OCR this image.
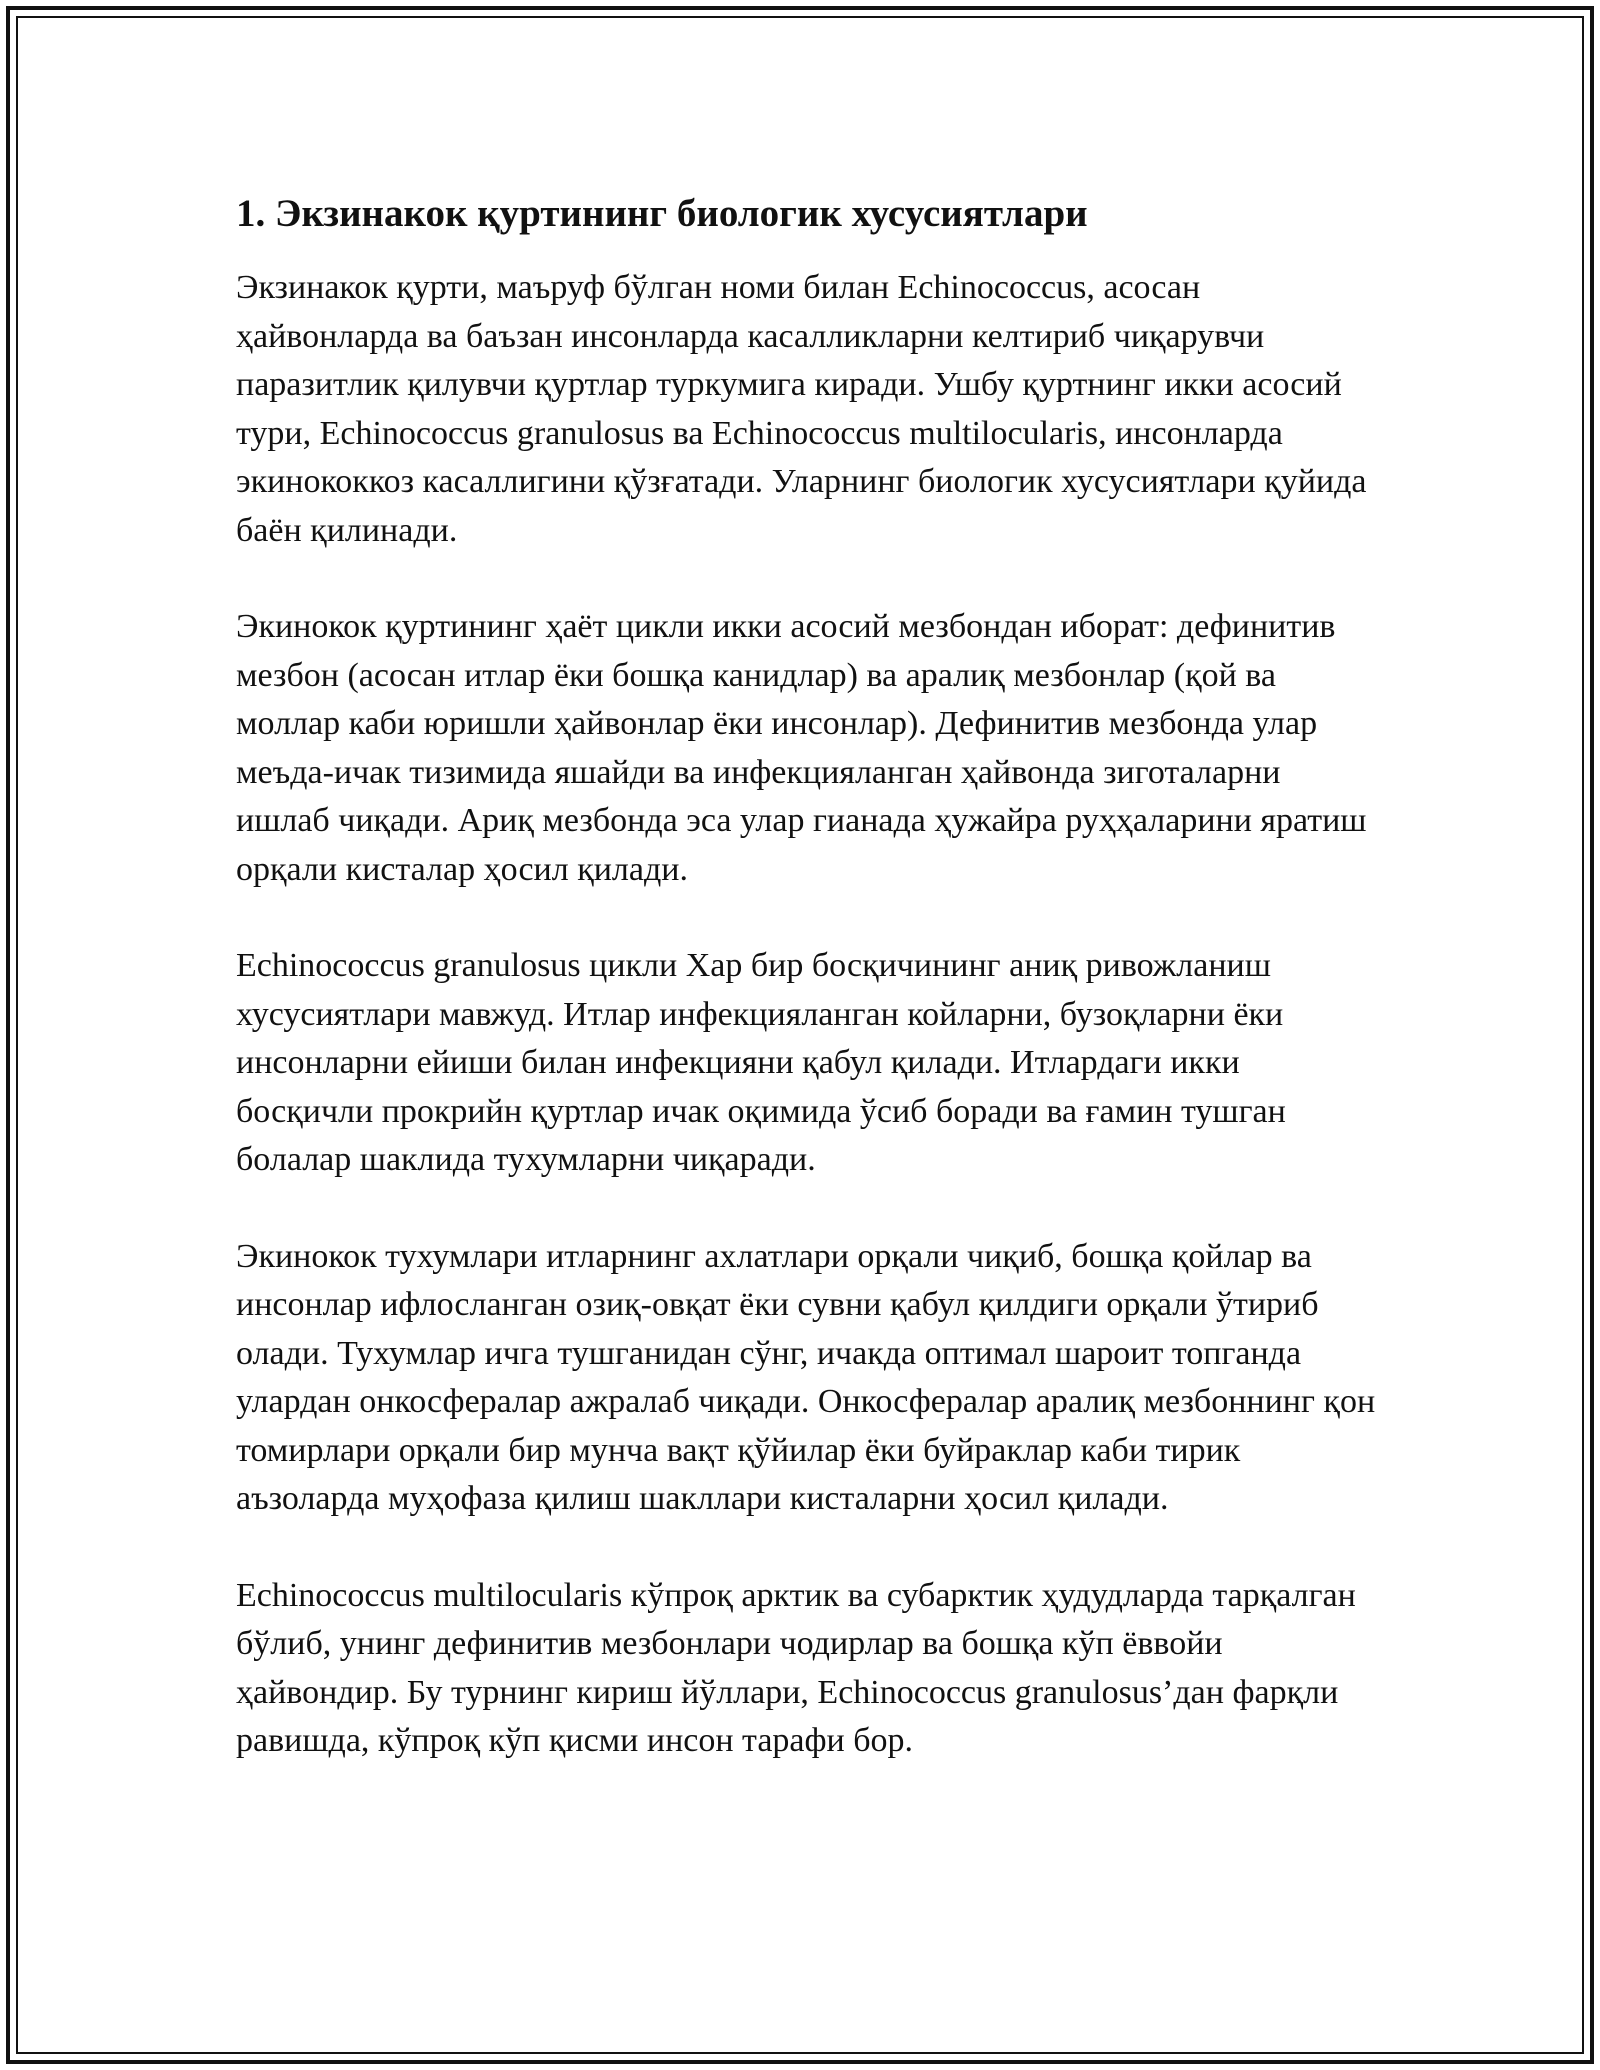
1. Экзинакок қуртининг биологик хусусиятлари

Экзинакок қурти, маъруф бўлган номи билан Echinococcus, асосан ҳайвонларда ва баъзан инсонларда касалликларни келтириб чиқарувчи паразитлик қилувчи қуртлар туркумига киради. Ушбу қуртнинг икки асосий тури, Echinococcus granulosus ва Echinococcus multilocularis, инсонларда экинококкоз касаллигини қўзғатади. Уларнинг биологик хусусиятлари қуйида баён қилинади.

Экинокок қуртининг ҳаёт цикли икки асосий мезбондан иборат: дефинитив мезбон (асосан итлар ёки бошқа канидлар) ва аралиқ мезбонлар (қой ва моллар каби юришли ҳайвонлар ёки инсонлар). Дефинитив мезбонда улар меъда-ичак тизимида яшайди ва инфекцияланган ҳайвонда зиготаларни ишлаб чиқади. Ариқ мезбонда эса улар гианада ҳужайра руҳҳаларини яратиш орқали кисталар ҳосил қилади.

Echinococcus granulosus цикли Хар бир босқичининг аниқ ривожланиш хусусиятлари мавжуд. Итлар инфекцияланган койларни, бузоқларни ёки инсонларни ейиши билан инфекцияни қабул қилади. Итлардаги икки босқичли прокрийн қуртлар ичак оқимида ўсиб боради ва ғамин тушган болалар шаклида тухумларни чиқаради.

Экинокок тухумлари итларнинг ахлатлари орқали чиқиб, бошқа қойлар ва инсонлар ифлосланган озиқ-овқат ёки сувни қабул қилдиги орқали ўтириб олади. Тухумлар ичга тушганидан сўнг, ичакда оптимал шароит топганда улардан онкосфералар ажралаб чиқади. Онкосфералар аралиқ мезбоннинг қон томирлари орқали бир мунча вақт қўйилар ёки буйраклар каби тирик аъзоларда муҳофаза қилиш шакллари кисталарни ҳосил қилади.

Echinococcus multilocularis кўпроқ арктик ва субарктик ҳудудларда тарқалган бўлиб, унинг дефинитив мезбонлари чодирлар ва бошқа кўп ёввойи ҳайвондир. Бу турнинг кириш йўллари, Echinococcus granulosus’дан фарқли равишда, кўпроқ кўп қисми инсон тарафи бор.
